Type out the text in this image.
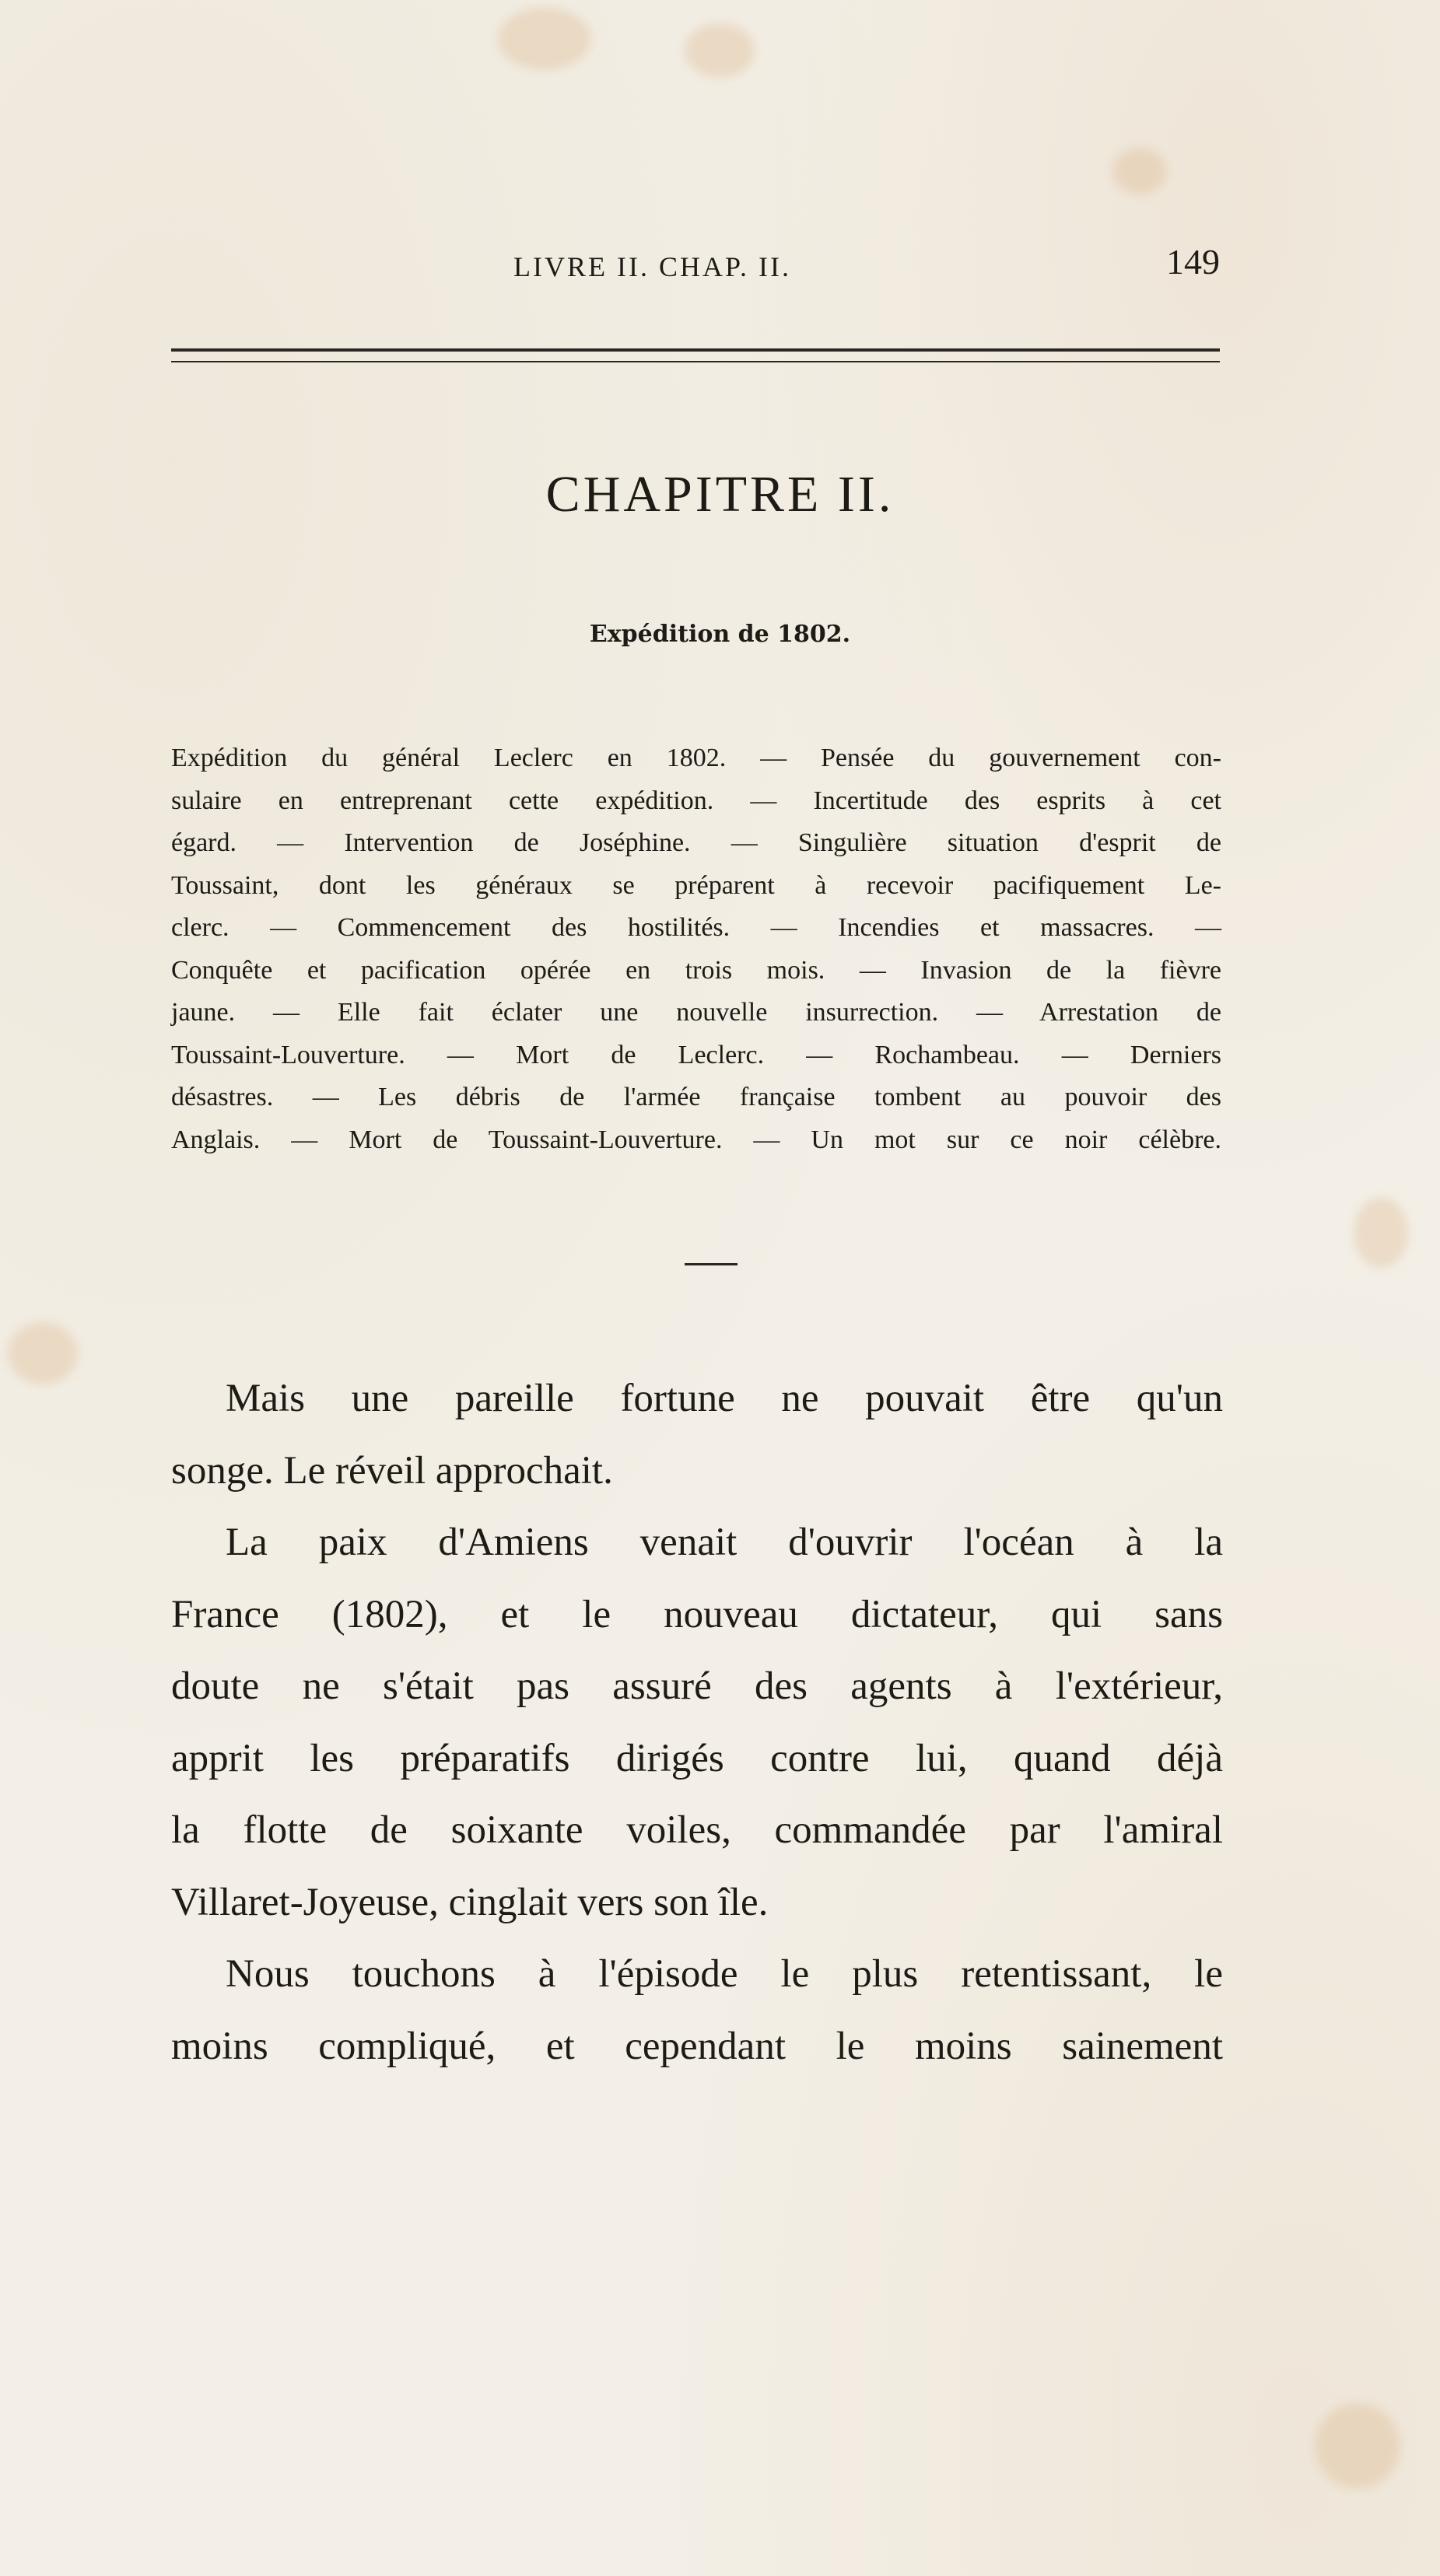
LIVRE II. CHAP. II.	149
CHAPITRE II.
Expédition de 1802.
Expédition du général Leclerc en 1802. — Pensée du gouvernement con-
sulaire en entreprenant cette expédition. — Incertitude des esprits à cet
égard. — Intervention de Joséphine. — Singulière situation d'esprit de
Toussaint, dont les généraux se préparent à recevoir pacifiquement Le-
clerc. — Commencement des hostilités. — Incendies et massacres. —
Conquête et pacification opérée en trois mois. — Invasion de la fièvre
jaune. — Elle fait éclater une nouvelle insurrection. — Arrestation de
Toussaint-Louverture. — Mort de Leclerc. — Rochambeau. — Derniers
désastres. — Les débris de l'armée française tombent au pouvoir des
Anglais. — Mort de Toussaint-Louverture. — Un mot sur ce noir célèbre.
Mais une pareille fortune ne pouvait être qu'un
songe. Le réveil approchait.
La paix d'Amiens venait d'ouvrir l'océan à la
France (1802), et le nouveau dictateur, qui sans
doute ne s'était pas assuré des agents à l'extérieur,
apprit les préparatifs dirigés contre lui, quand déjà
la flotte de soixante voiles, commandée par l'amiral
Villaret-Joyeuse, cinglait vers son île.
Nous touchons à l'épisode le plus retentissant, le
moins compliqué, et cependant le moins sainement
